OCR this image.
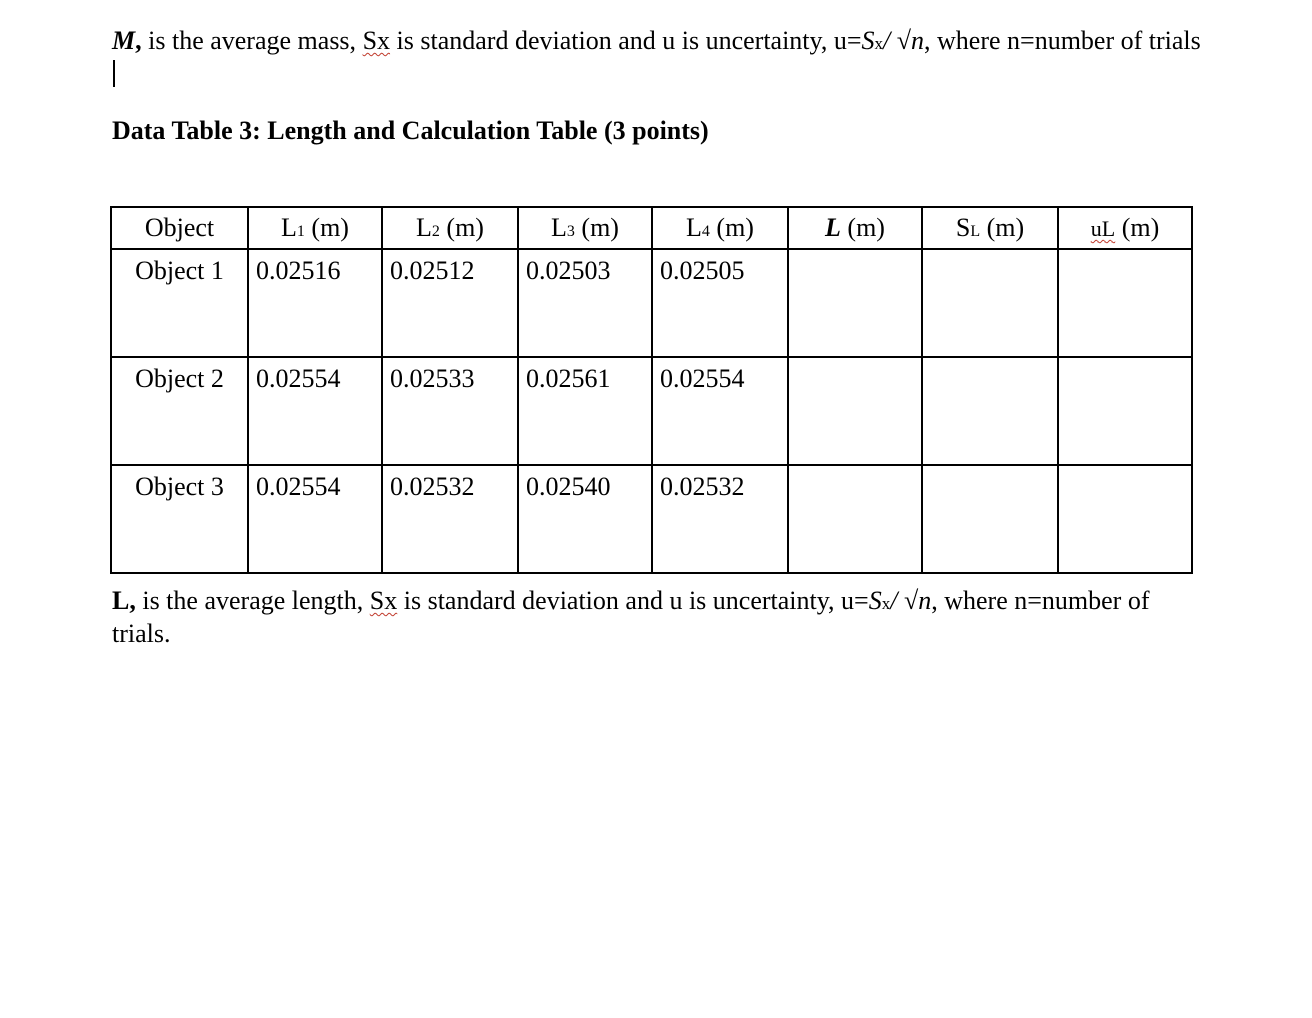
M, is the average mass, Sx is standard deviation and u is uncertainty, u=Sx/ √n, where n=number of trials

Data Table 3: Length and Calculation Table (3 points)

Object	L1 (m)	L2 (m)	L3 (m)	L4 (m)	L (m)	SL (m)	uL (m)
Object 1	0.02516	0.02512	0.02503	0.02505			
Object 2	0.02554	0.02533	0.02561	0.02554			
Object 3	0.02554	0.02532	0.02540	0.02532			

L, is the average length, Sx is standard deviation and u is uncertainty, u=Sx/ √n, where n=number of trials.
